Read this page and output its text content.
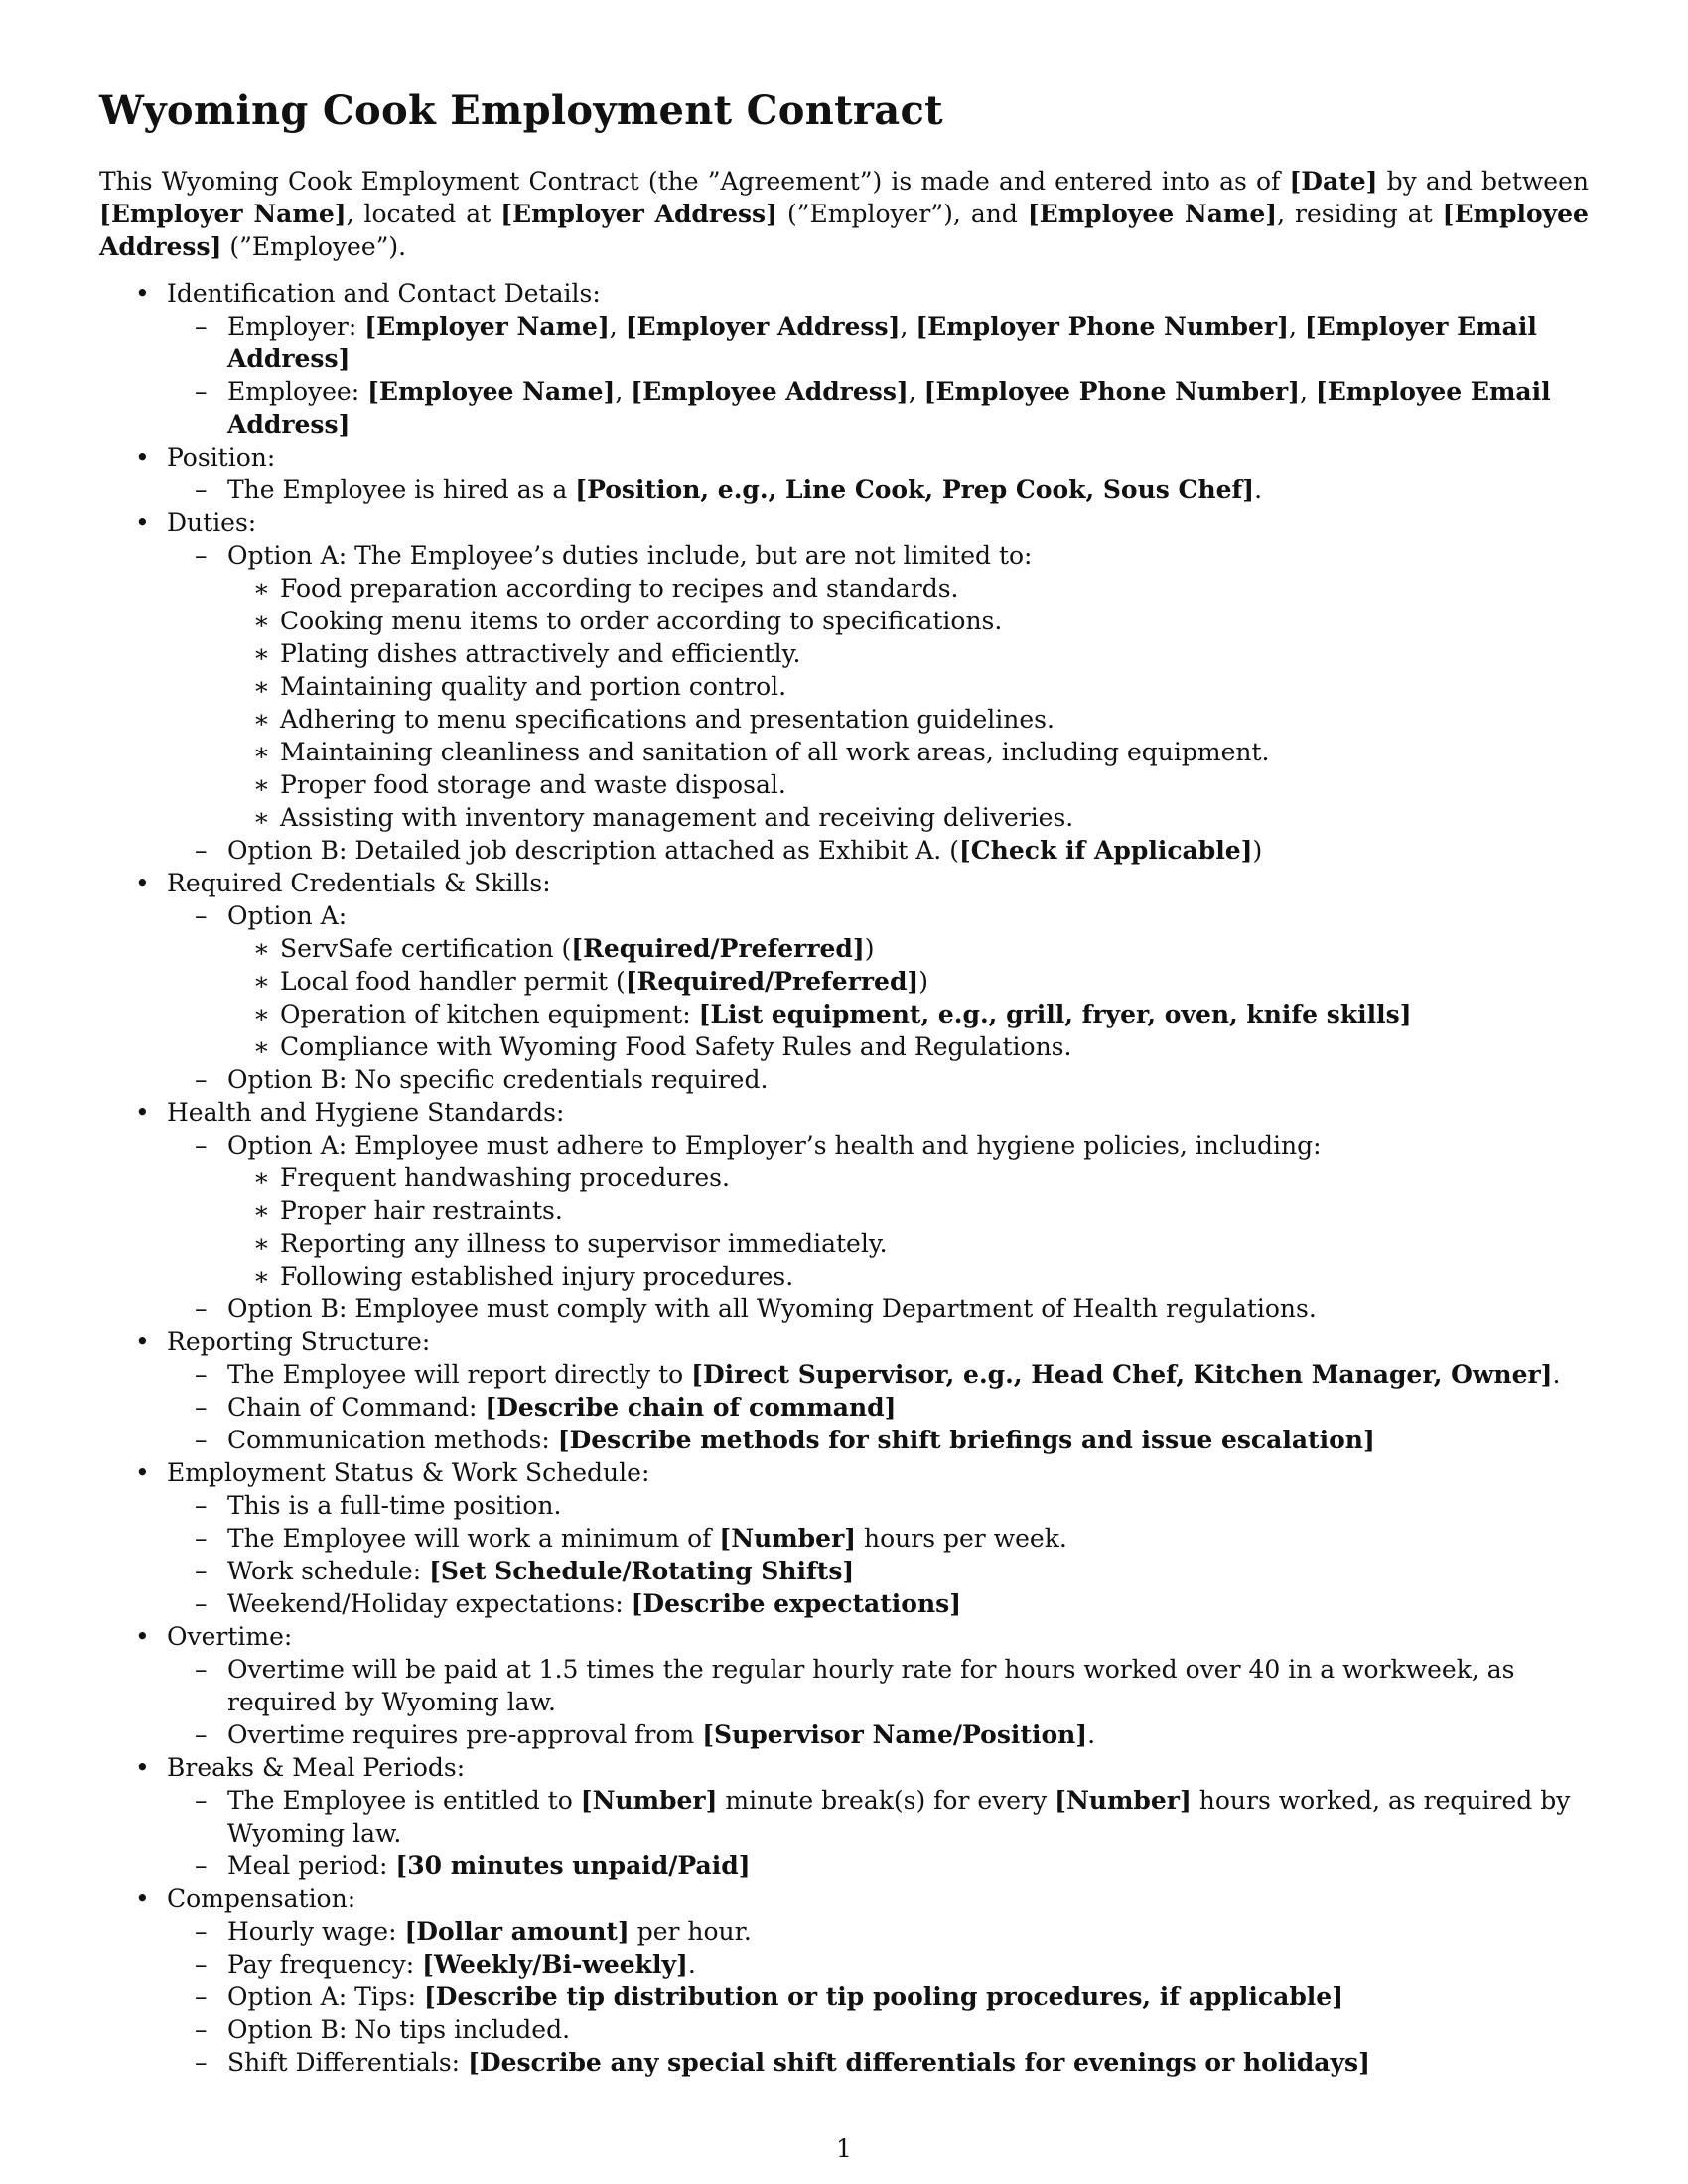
Wyoming Cook Employment Contract

This Wyoming Cook Employment Contract (the ”Agreement”) is made and entered into as of [Date] by and between [Employer Name], located at [Employer Address] (”Employer”), and [Employee Name], residing at [Employee Address] (”Employee”).

• Identification and Contact Details:
– Employer: [Employer Name], [Employer Address], [Employer Phone Number], [Employer Email Address]
– Employee: [Employee Name], [Employee Address], [Employee Phone Number], [Employee Email Address]
• Position:
– The Employee is hired as a [Position, e.g., Line Cook, Prep Cook, Sous Chef].
• Duties:
– Option A: The Employee’s duties include, but are not limited to:
∗ Food preparation according to recipes and standards.
∗ Cooking menu items to order according to specifications.
∗ Plating dishes attractively and efficiently.
∗ Maintaining quality and portion control.
∗ Adhering to menu specifications and presentation guidelines.
∗ Maintaining cleanliness and sanitation of all work areas, including equipment.
∗ Proper food storage and waste disposal.
∗ Assisting with inventory management and receiving deliveries.
– Option B: Detailed job description attached as Exhibit A. ([Check if Applicable])
• Required Credentials & Skills:
– Option A:
∗ ServSafe certification ([Required/Preferred])
∗ Local food handler permit ([Required/Preferred])
∗ Operation of kitchen equipment: [List equipment, e.g., grill, fryer, oven, knife skills]
∗ Compliance with Wyoming Food Safety Rules and Regulations.
– Option B: No specific credentials required.
• Health and Hygiene Standards:
– Option A: Employee must adhere to Employer’s health and hygiene policies, including:
∗ Frequent handwashing procedures.
∗ Proper hair restraints.
∗ Reporting any illness to supervisor immediately.
∗ Following established injury procedures.
– Option B: Employee must comply with all Wyoming Department of Health regulations.
• Reporting Structure:
– The Employee will report directly to [Direct Supervisor, e.g., Head Chef, Kitchen Manager, Owner].
– Chain of Command: [Describe chain of command]
– Communication methods: [Describe methods for shift briefings and issue escalation]
• Employment Status & Work Schedule:
– This is a full-time position.
– The Employee will work a minimum of [Number] hours per week.
– Work schedule: [Set Schedule/Rotating Shifts]
– Weekend/Holiday expectations: [Describe expectations]
• Overtime:
– Overtime will be paid at 1.5 times the regular hourly rate for hours worked over 40 in a workweek, as required by Wyoming law.
– Overtime requires pre-approval from [Supervisor Name/Position].
• Breaks & Meal Periods:
– The Employee is entitled to [Number] minute break(s) for every [Number] hours worked, as required by Wyoming law.
– Meal period: [30 minutes unpaid/Paid]
• Compensation:
– Hourly wage: [Dollar amount] per hour.
– Pay frequency: [Weekly/Bi-weekly].
– Option A: Tips: [Describe tip distribution or tip pooling procedures, if applicable]
– Option B: No tips included.
– Shift Differentials: [Describe any special shift differentials for evenings or holidays]
1
